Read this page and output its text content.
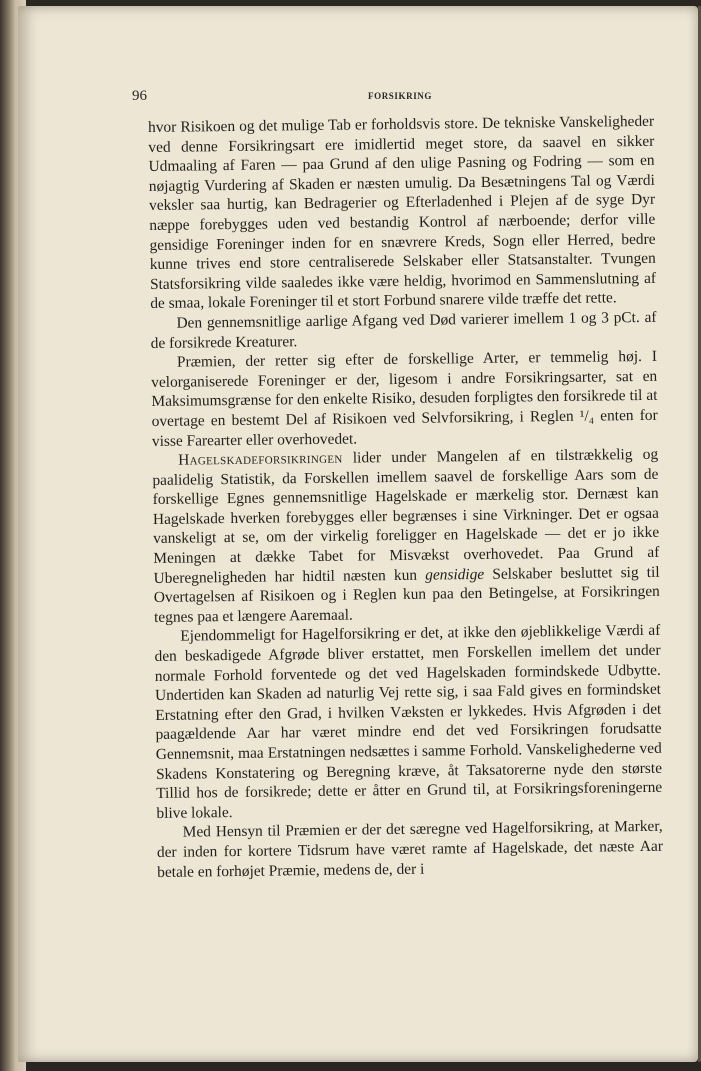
96	FORSIKRING

hvor Risikoen og det mulige Tab er forholdsvis store. De tekniske Vanskeligheder ved denne Forsikringsart ere imidlertid meget store, da saavel en sikker Udmaaling af Faren — paa Grund af den ulige Pasning og Fodring — som en nøjagtig Vurdering af Skaden er næsten umulig. Da Besætningens Tal og Værdi veksler saa hurtig, kan Bedragerier og Efterladenhed i Plejen af de syge Dyr næppe forebygges uden ved bestandig Kontrol af nærboende; derfor ville gensidige Foreninger inden for en snævrere Kreds, Sogn eller Herred, bedre kunne trives end store centraliserede Selskaber eller Statsanstalter. Tvungen Statsforsikring vilde saaledes ikke være heldig, hvorimod en Sammenslutning af de smaa, lokale Foreninger til et stort Forbund snarere vilde træffe det rette.

Den gennemsnitlige aarlige Afgang ved Død varierer imellem 1 og 3 pCt. af de forsikrede Kreaturer.

Præmien, der retter sig efter de forskellige Arter, er temmelig høj. I velorganiserede Foreninger er der, ligesom i andre Forsikringsarter, sat en Maksimumsgrænse for den enkelte Risiko, desuden forpligtes den forsikrede til at overtage en bestemt Del af Risikoen ved Selvforsikring, i Reglen ¹/₄ enten for visse Farearter eller overhovedet.

Hagelskadeforsikringen lider under Mangelen af en tilstrækkelig og paalidelig Statistik, da Forskellen imellem saavel de forskellige Aars som de forskellige Egnes gennemsnitlige Hagelskade er mærkelig stor. Dernæst kan Hagelskade hverken forebygges eller begrænses i sine Virkninger. Det er ogsaa vanskeligt at se, om der virkelig foreligger en Hagelskade — det er jo ikke Meningen at dække Tabet for Misvækst overhovedet. Paa Grund af Uberegneligheden har hidtil næsten kun gensidige Selskaber besluttet sig til Overtagelsen af Risikoen og i Reglen kun paa den Betingelse, at Forsikringen tegnes paa et længere Aaremaal.

Ejendommeligt for Hagelforsikring er det, at ikke den øjeblikkelige Værdi af den beskadigede Afgrøde bliver erstattet, men Forskellen imellem det under normale Forhold forventede og det ved Hagelskaden formindskede Udbytte. Undertiden kan Skaden ad naturlig Vej rette sig, i saa Fald gives en formindsket Erstatning efter den Grad, i hvilken Væksten er lykkedes. Hvis Afgrøden i det paagældende Aar har været mindre end det ved Forsikringen forudsatte Gennemsnit, maa Erstatningen nedsættes i samme Forhold. Vanskelighederne ved Skadens Konstatering og Beregning kræve, åt Taksatorerne nyde den største Tillid hos de forsikrede; dette er åtter en Grund til, at Forsikringsforeningerne blive lokale.

Med Hensyn til Præmien er der det særegne ved Hagelforsikring, at Marker, der inden for kortere Tidsrum have været ramte af Hagelskade, det næste Aar betale en forhøjet Præmie, medens de, der i
